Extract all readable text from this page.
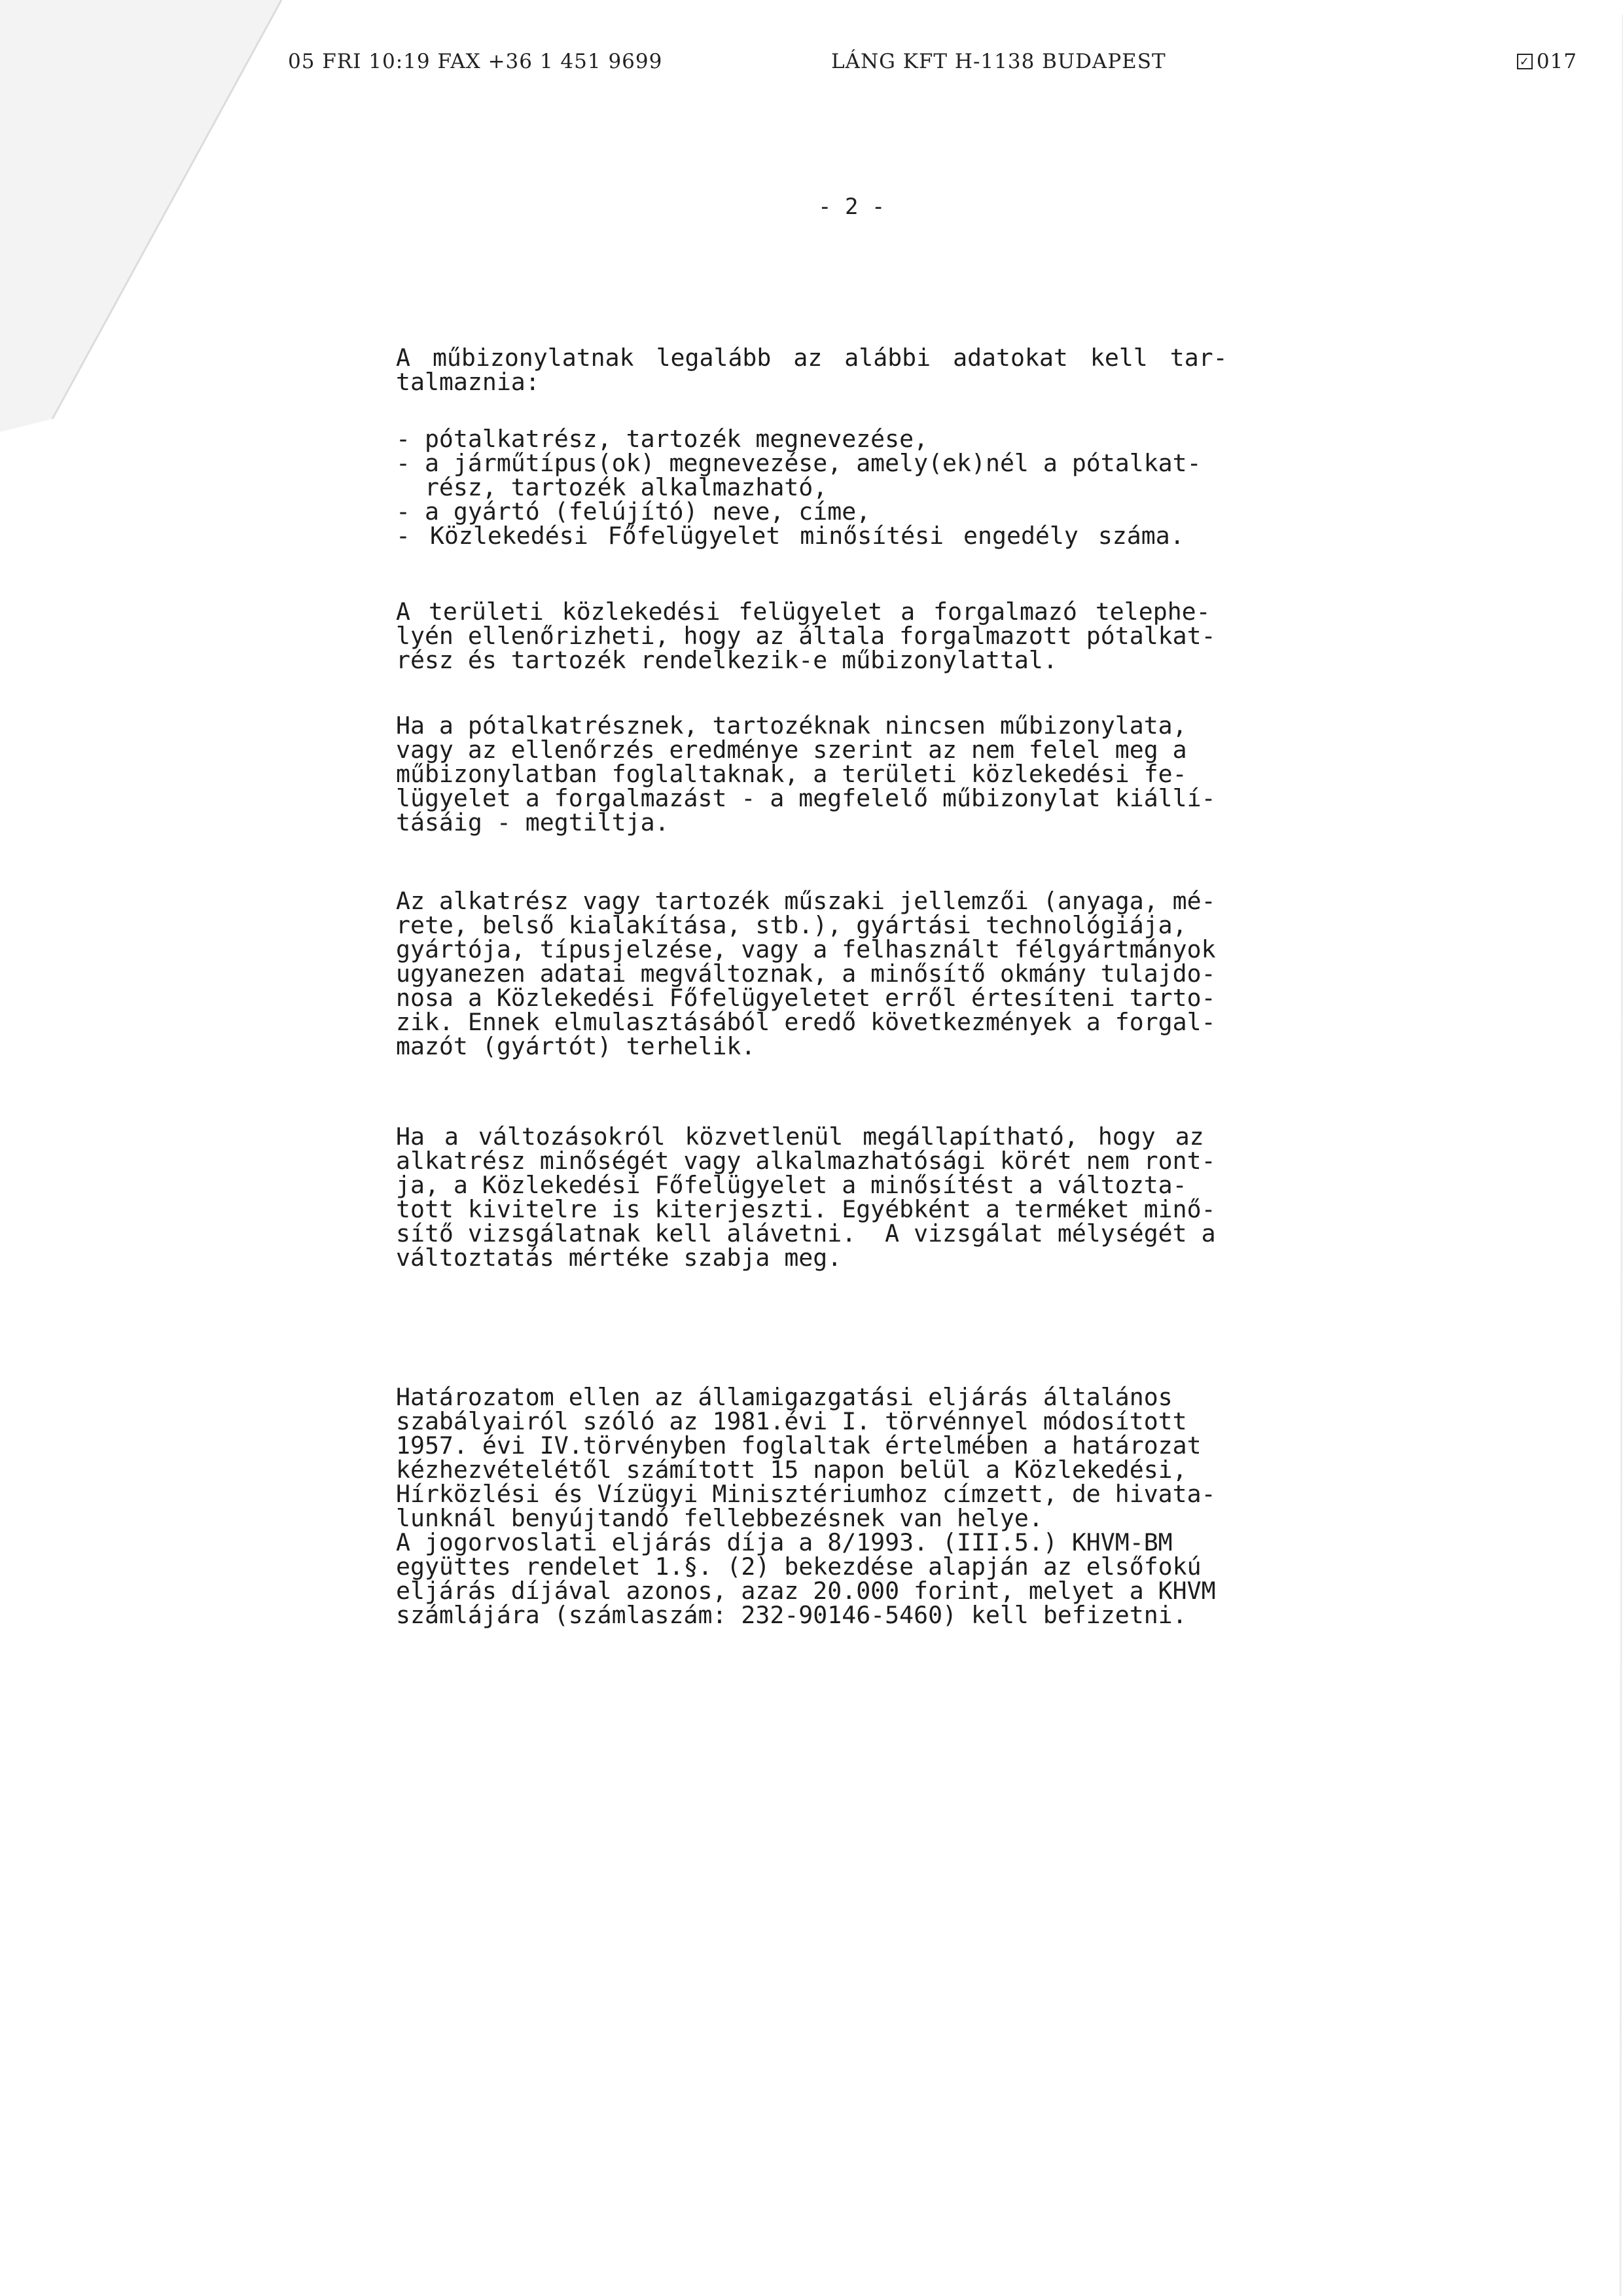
05 FRI 10:19 FAX +36 1 451 9699	LÁNG KFT H-1138 BUDAPEST	✓ 017
- 2 -
A műbizonylatnak legalább az alábbi adatokat kell tar-
talmaznia:
- pótalkatrész, tartozék megnevezése,
- a járműtípus(ok) megnevezése, amely(ek)nél a pótalkat-
rész, tartozék alkalmazható,
- a gyártó (felújító) neve, címe,
- Közlekedési Főfelügyelet minősítési engedély száma.
A területi közlekedési felügyelet a forgalmazó telephe-
lyén ellenőrizheti, hogy az általa forgalmazott pótalkat-
rész és tartozék rendelkezik-e műbizonylattal.
Ha a pótalkatrésznek, tartozéknak nincsen műbizonylata,
vagy az ellenőrzés eredménye szerint az nem felel meg a
műbizonylatban foglaltaknak, a területi közlekedési fe-
lügyelet a forgalmazást - a megfelelő műbizonylat kiállí-
tásáig - megtiltja.
Az alkatrész vagy tartozék műszaki jellemzői (anyaga, mé-
rete, belső kialakítása, stb.), gyártási technológiája,
gyártója, típusjelzése, vagy a felhasznált félgyártmányok
ugyanezen adatai megváltoznak, a minősítő okmány tulajdo-
nosa a Közlekedési Főfelügyeletet erről értesíteni tarto-
zik. Ennek elmulasztásából eredő következmények a forgal-
mazót (gyártót) terhelik.
Ha a változásokról közvetlenül megállapítható, hogy az
alkatrész minőségét vagy alkalmazhatósági körét nem ront-
ja, a Közlekedési Főfelügyelet a minősítést a változta-
tott kivitelre is kiterjeszti. Egyébként a terméket minő-
sítő vizsgálatnak kell alávetni.  A vizsgálat mélységét a
változtatás mértéke szabja meg.
Határozatom ellen az államigazgatási eljárás általános
szabályairól szóló az 1981.évi I. törvénnyel módosított
1957. évi IV.törvényben foglaltak értelmében a határozat
kézhezvételétől számított 15 napon belül a Közlekedési,
Hírközlési és Vízügyi Minisztériumhoz címzett, de hivata-
lunknál benyújtandó fellebbezésnek van helye.
A jogorvoslati eljárás díja a 8/1993. (III.5.) KHVM-BM
együttes rendelet 1.§. (2) bekezdése alapján az elsőfokú
eljárás díjával azonos, azaz 20.000 forint, melyet a KHVM
számlájára (számlaszám: 232-90146-5460) kell befizetni.
